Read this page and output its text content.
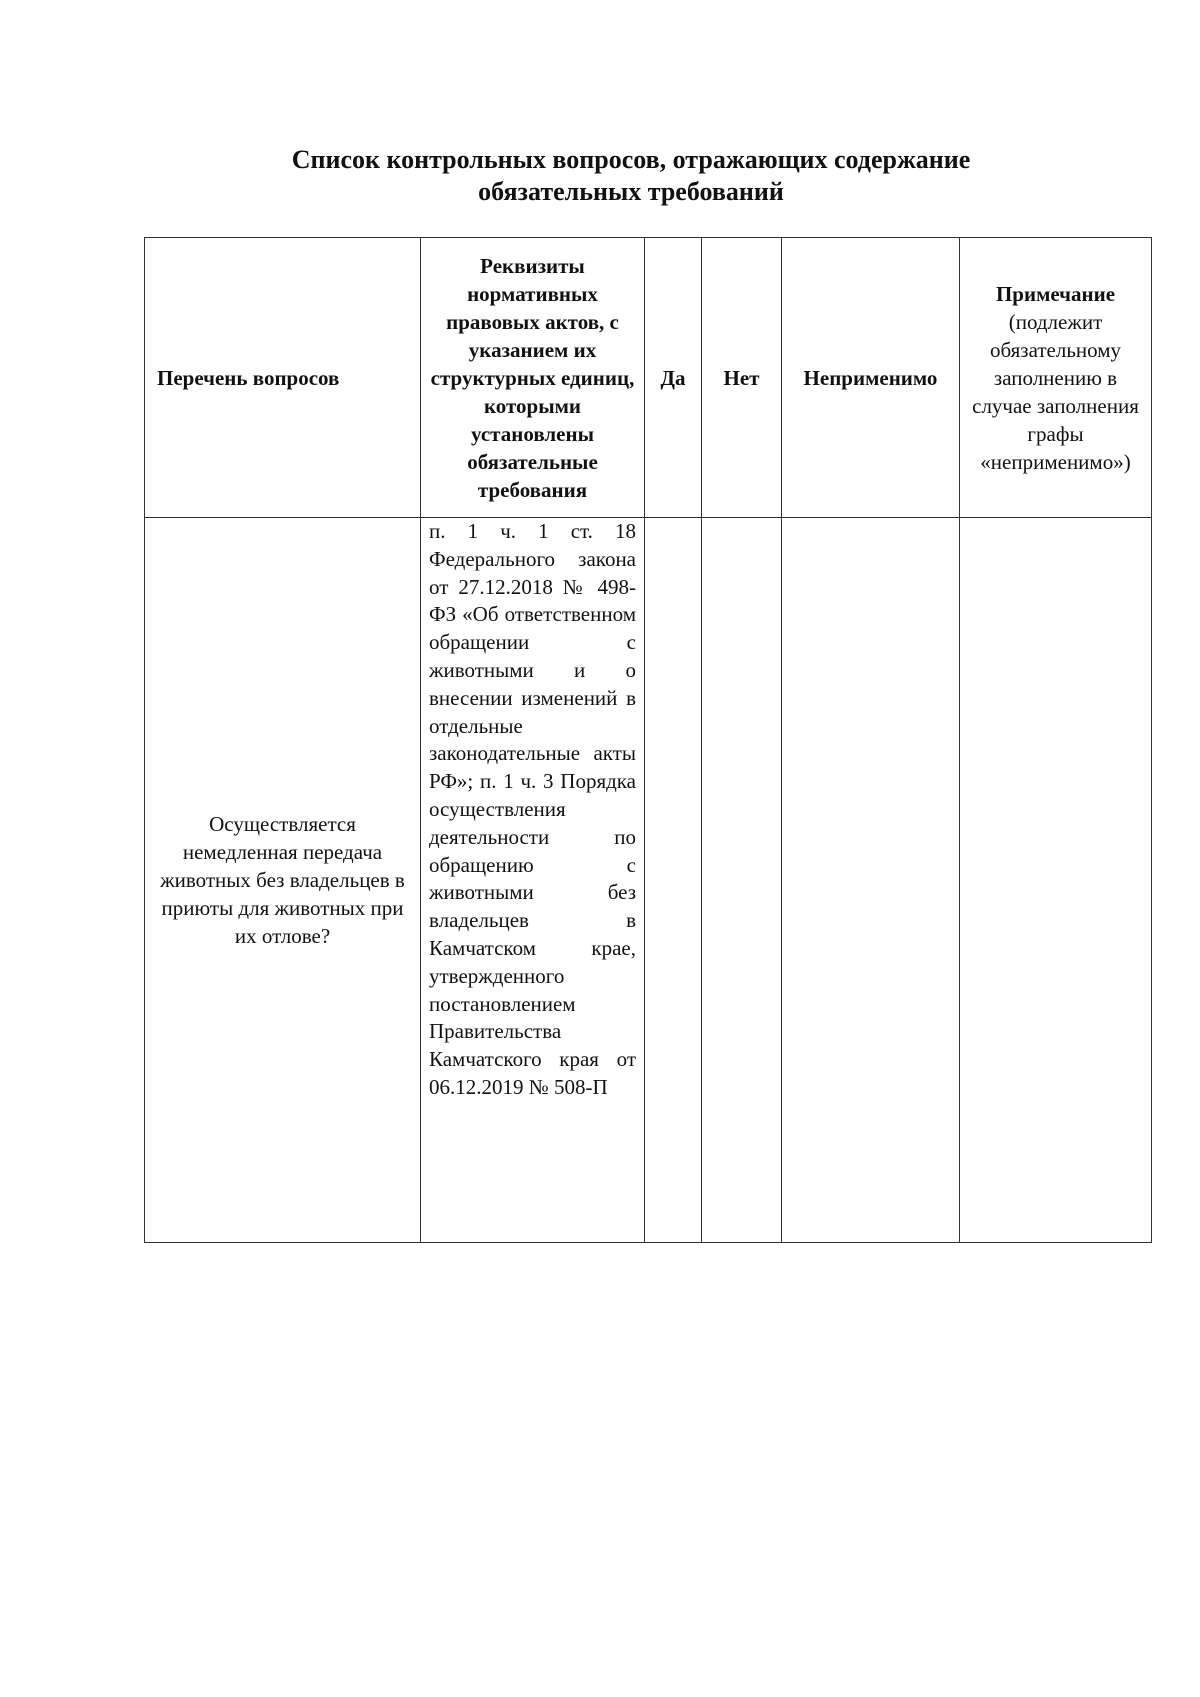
Список контрольных вопросов, отражающих содержание
обязательных требований
Перечень вопросов	Реквизиты нормативных правовых актов, с указанием их структурных единиц, которыми установлены обязательные требования	Да	Нет	Неприменимо	Примечание
(подлежит обязательному заполнению в случае заполнения графы «неприменимо»)

Осуществляется немедленная передача животных без владельцев в приюты для животных при их отлове?	п. 1 ч. 1 ст. 18 Федерального закона от 27.12.2018 № 498-ФЗ «Об ответственном обращении с животными и о внесении изменений в отдельные законодательные акты РФ»; п. 1 ч. 3 Порядка осуществления деятельности по обращению с животными без владельцев в Камчатском крае, утвержденного постановлением Правительства Камчатского края от 06.12.2019 № 508-П				
